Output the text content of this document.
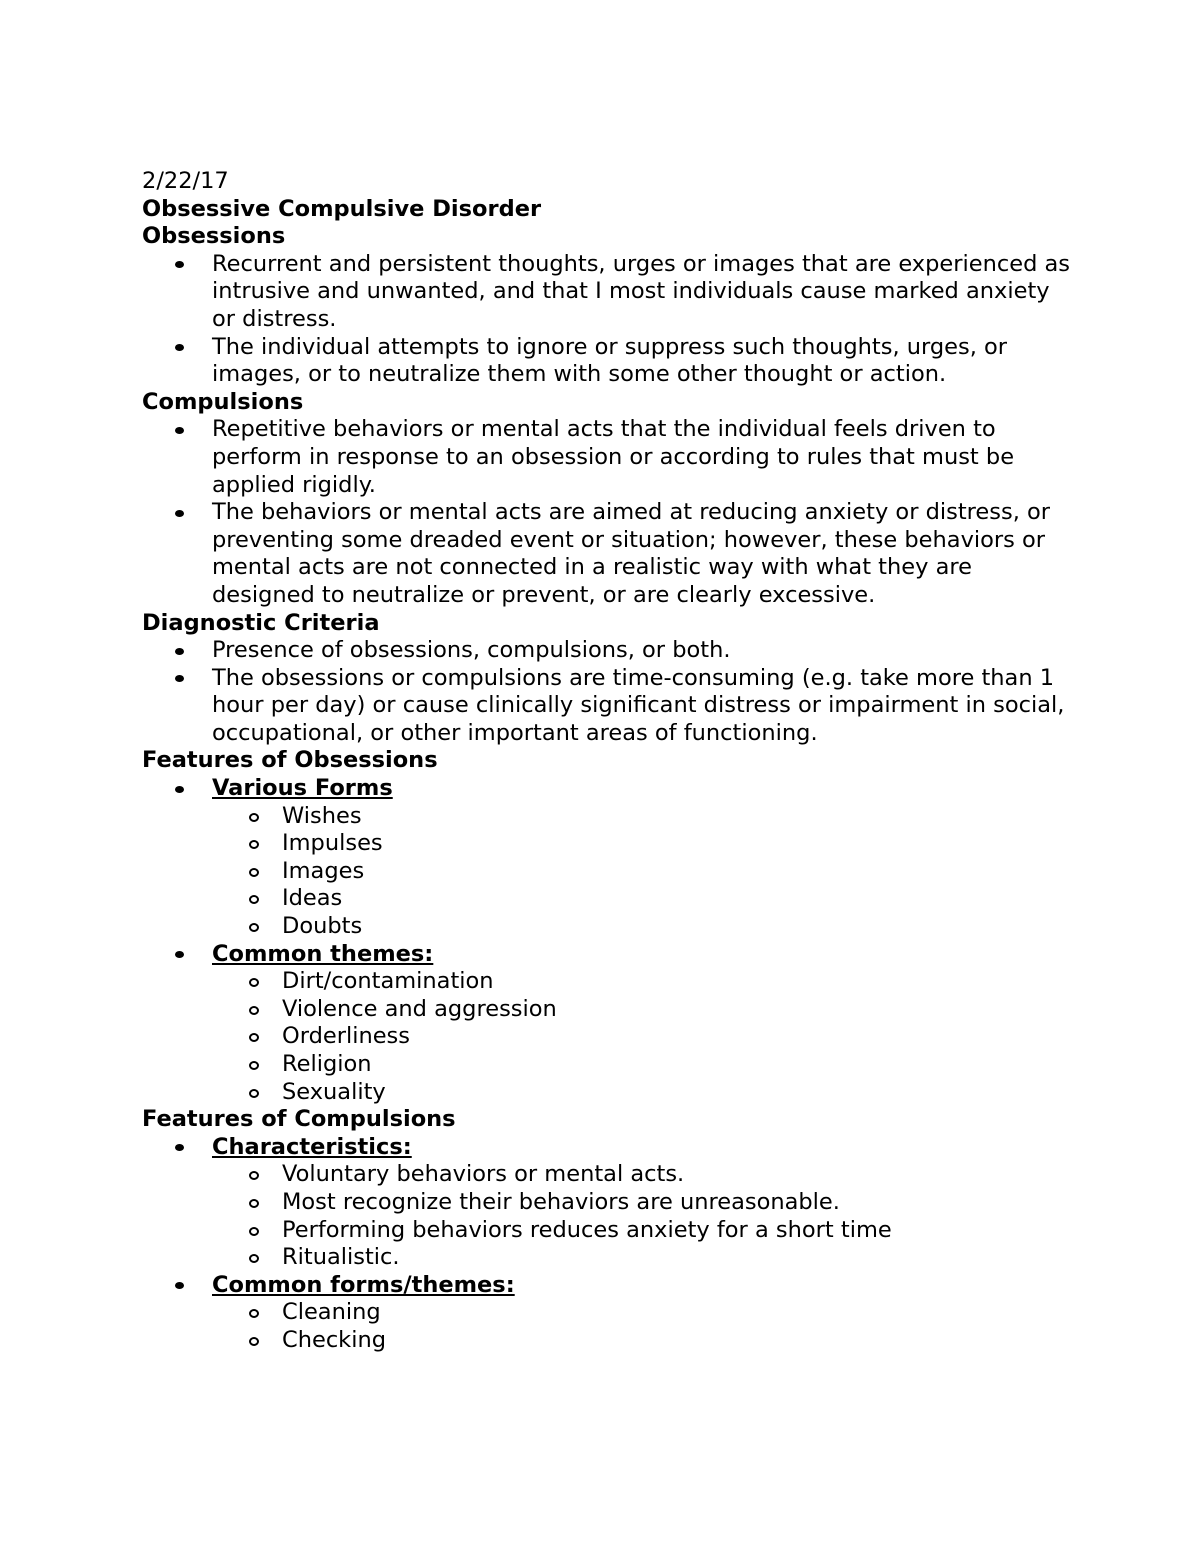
2/22/17

Obsessive Compulsive Disorder

Obsessions

Recurrent and persistent thoughts, urges or images that are experienced as intrusive and unwanted, and that I most individuals cause marked anxiety or distress.
The individual attempts to ignore or suppress such thoughts, urges, or images, or to neutralize them with some other thought or action.

Compulsions

Repetitive behaviors or mental acts that the individual feels driven to perform in response to an obsession or according to rules that must be applied rigidly.
The behaviors or mental acts are aimed at reducing anxiety or distress, or preventing some dreaded event or situation; however, these behaviors or mental acts are not connected in a realistic way with what they are designed to neutralize or prevent, or are clearly excessive.

Diagnostic Criteria

Presence of obsessions, compulsions, or both.
The obsessions or compulsions are time-consuming (e.g. take more than 1 hour per day) or cause clinically significant distress or impairment in social, occupational, or other important areas of functioning.

Features of Obsessions

Various Forms
Wishes
Impulses
Images
Ideas
Doubts
Common themes:
Dirt/contamination
Violence and aggression
Orderliness
Religion
Sexuality

Features of Compulsions

Characteristics:
Voluntary behaviors or mental acts.
Most recognize their behaviors are unreasonable.
Performing behaviors reduces anxiety for a short time
Ritualistic.
Common forms/themes:
Cleaning
Checking
